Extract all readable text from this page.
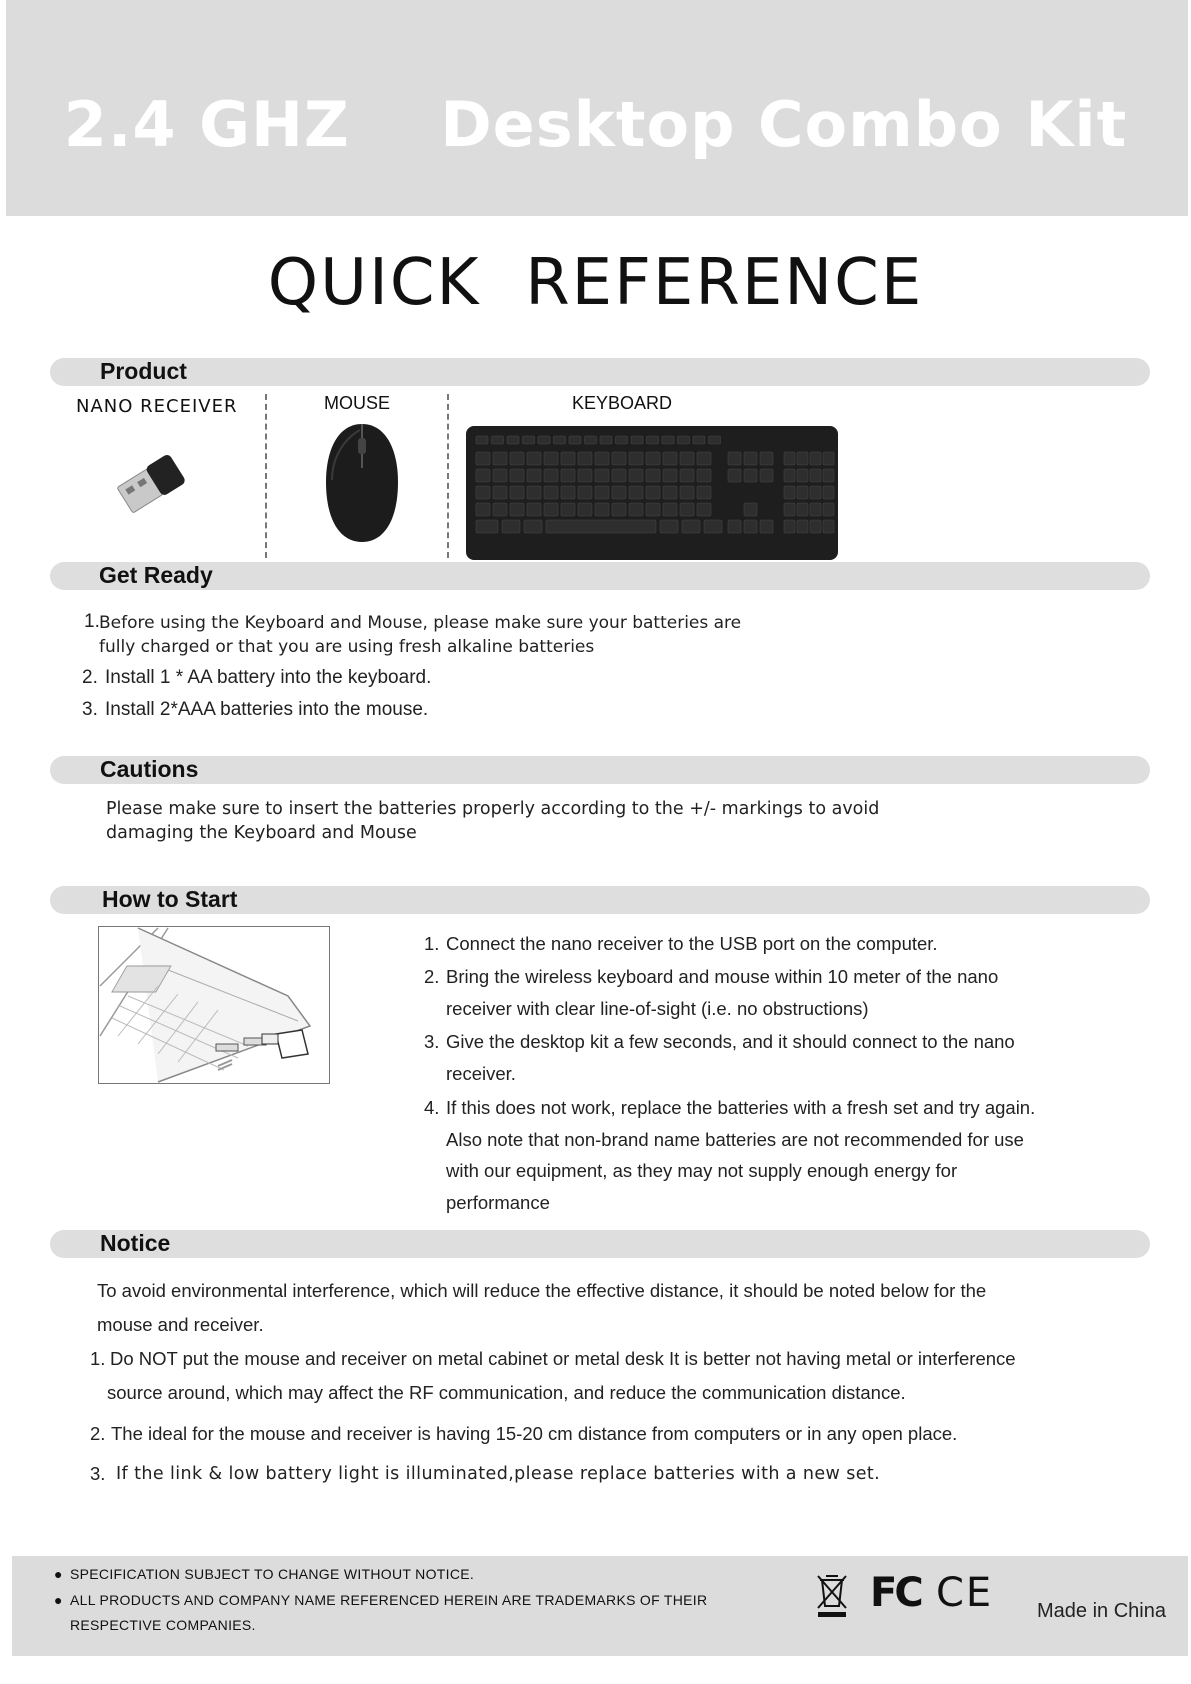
2.4 GHZ    Desktop Combo Kit
QUICK  REFERENCE
Product
NANO RECEIVER	MOUSE	KEYBOARD
Get Ready
1. Before using the Keyboard and Mouse, please make sure your batteries are
fully charged or that you are using fresh alkaline batteries
2. Install 1 * AA battery into the keyboard.
3. Install 2*AAA batteries into the mouse.
Cautions
Please make sure to insert the batteries properly according to the +/- markings to avoid
damaging the Keyboard and Mouse
How to Start
1. Connect the nano receiver to the USB port on the computer.
2. Bring the wireless keyboard and mouse within 10 meter of the nano
receiver with clear line-of-sight (i.e. no obstructions)
3. Give the desktop kit a few seconds, and it should connect to the nano
receiver.
4. If this does not work, replace the batteries with a fresh set and try again.
Also note that non-brand name batteries are not recommended for use
with our equipment, as they may not supply enough energy for
performance
Notice
To avoid environmental interference, which will reduce the effective distance, it should be noted below for the
mouse and receiver.
1. Do NOT put the mouse and receiver on metal cabinet or metal desk It is better not having metal or interference
source around, which may affect the RF communication, and reduce the communication distance.
2. The ideal for the mouse and receiver is having 15-20 cm distance from computers or in any open place.
3. If the link & low battery light is illuminated,please replace batteries with a new set.
● SPECIFICATION SUBJECT TO CHANGE WITHOUT NOTICE.
● ALL PRODUCTS AND COMPANY NAME REFERENCED HEREIN ARE TRADEMARKS OF THEIR
RESPECTIVE COMPANIES.
FC CE Made in China
